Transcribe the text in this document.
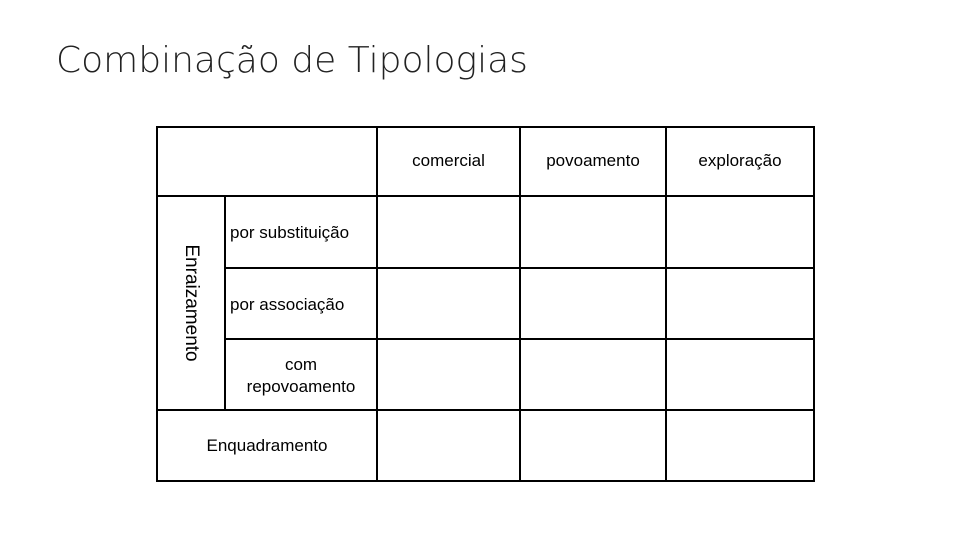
Combinação de Tipologias
comercial	povoamento	exploração
Enraizamento
por substituição
por associação
com
repovoamento
Enquadramento
